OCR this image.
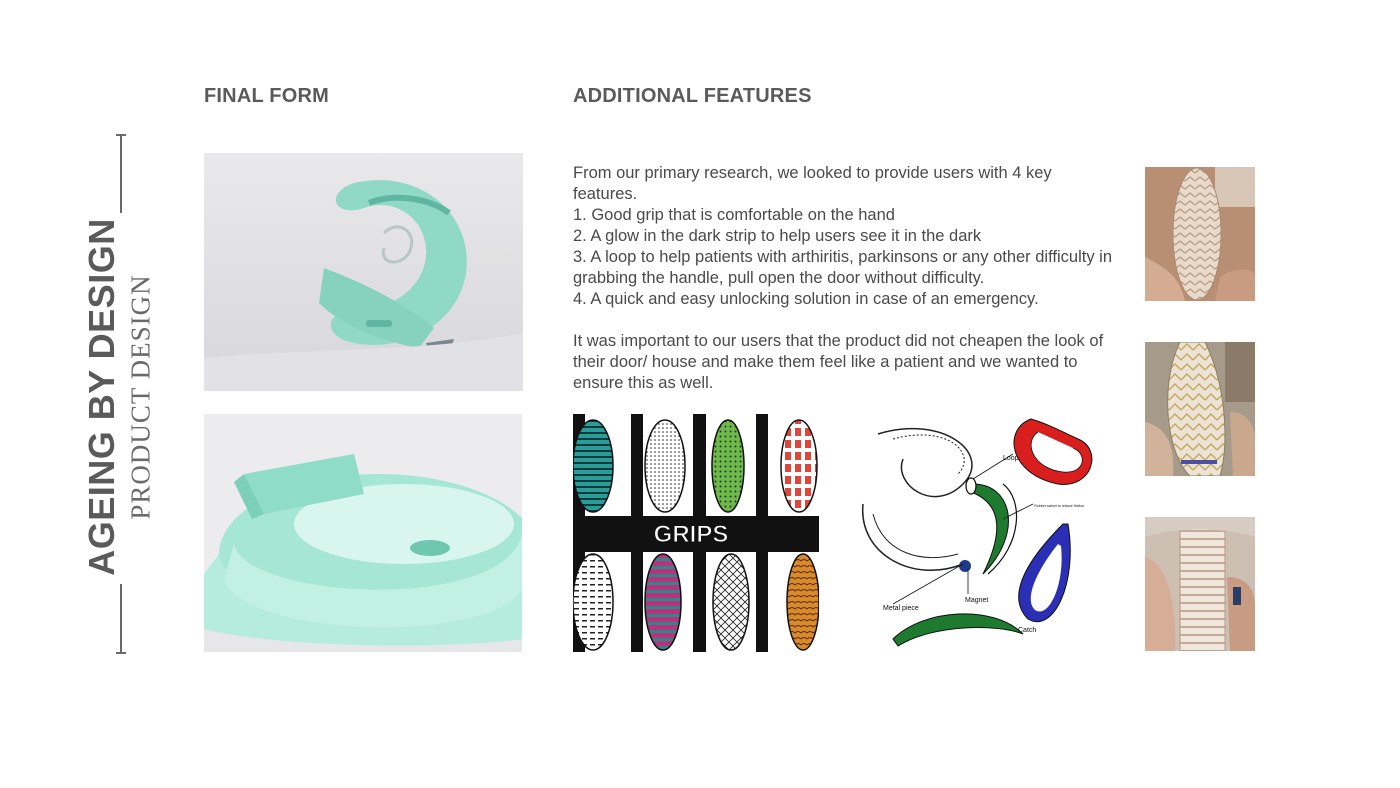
AGEING BY DESIGN PRODUCT DESIGN
FINAL FORM	ADDITIONAL FEATURES
From our primary research, we looked to provide users with 4 key features.
1. Good grip that is comfortable on the hand
2. A glow in the dark strip to help users see it in the dark
3. A loop to help patients with arthiritis, parkinsons or any other difficulty in grabbing the handle, pull open the door without difficulty.
4. A quick and easy unlocking solution in case of an emergency.
It was important to our users that the product did not cheapen the look of their door/ house and make them feel like a patient and we wanted to ensure this as well.
GRIPS
Loop
Rubber swivel to reduce friction
Magnet
Metal piece
Catch
